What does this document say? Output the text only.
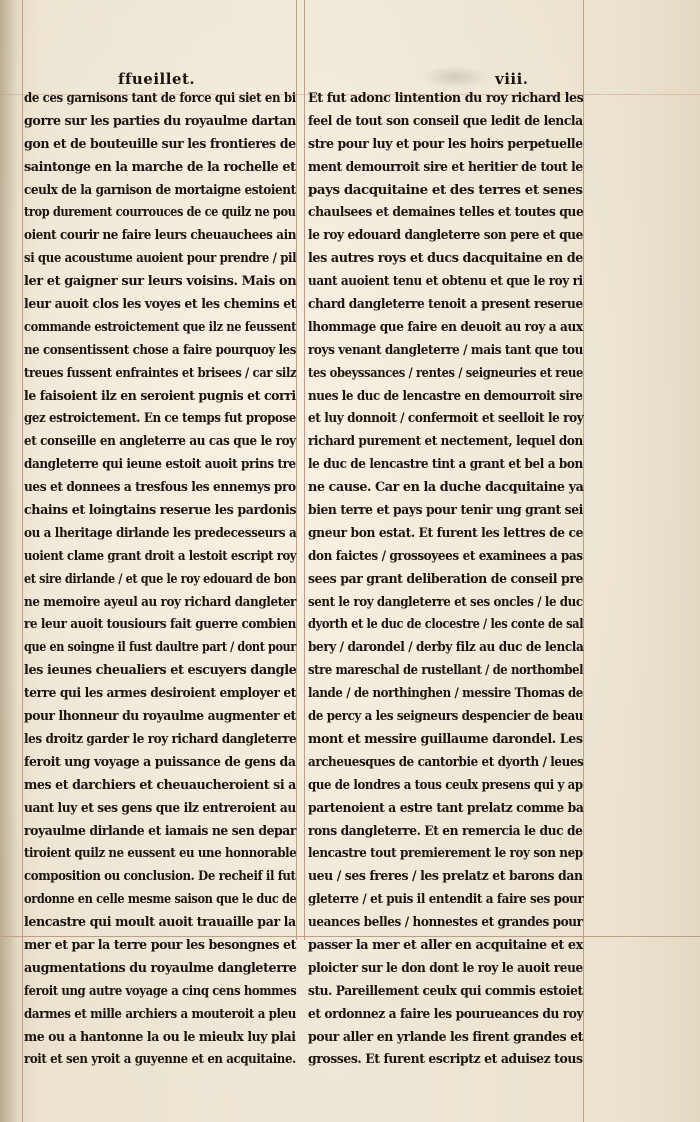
ffueillet.	viii.
de ces garnisons tant de force qui siet en bi
gorre sur les parties du royaulme dartan
gon et de bouteuille sur les frontieres de
saintonge en la marche de la rochelle et
ceulx de la garnison de mortaigne estoient
trop durement courrouces de ce quilz ne pou
oient courir ne faire leurs cheuauchees ain
si que acoustume auoient pour prendre / pil
ler et gaigner sur leurs voisins. Mais on
leur auoit clos les voyes et les chemins et
commande estroictement que ilz ne feussent
ne consentissent chose a faire pourquoy les
treues fussent enfraintes et brisees / car silz
le faisoient ilz en seroient pugnis et corri
gez estroictement. En ce temps fut propose
et conseille en angleterre au cas que le roy
dangleterre qui ieune estoit auoit prins tre
ues et donnees a tresfous les ennemys pro
chains et loingtains reserue les pardonis
ou a lheritage dirlande les predecesseurs a
uoient clame grant droit a lestoit escript roy
et sire dirlande / et que le roy edouard de bon
ne memoire ayeul au roy richard dangleter
re leur auoit tousiours fait guerre combien
que en soingne il fust daultre part / dont pour
les ieunes cheualiers et escuyers dangle
terre qui les armes desiroient employer et
pour lhonneur du royaulme augmenter et
les droitz garder le roy richard dangleterre
feroit ung voyage a puissance de gens da
mes et darchiers et cheuaucheroient si a
uant luy et ses gens que ilz entreroient au
royaulme dirlande et iamais ne sen depar
tiroient quilz ne eussent eu une honnorable
composition ou conclusion. De recheif il fut
ordonne en celle mesme saison que le duc de
lencastre qui moult auoit trauaille par la
mer et par la terre pour les besongnes et
augmentations du royaulme dangleterre
feroit ung autre voyage a cinq cens hommes
darmes et mille archiers a mouteroit a pleu
me ou a hantonne la ou le mieulx luy plai
roit et sen yroit a guyenne et en acquitaine.
Et fut adonc lintention du roy richard les
feel de tout son conseil que ledit de lencla
stre pour luy et pour les hoirs perpetuelle
ment demourroit sire et heritier de tout le
pays dacquitaine et des terres et senes
chaulsees et demaines telles et toutes que
le roy edouard dangleterre son pere et que
les autres roys et ducs dacquitaine en de
uant auoient tenu et obtenu et que le roy ri
chard dangleterre tenoit a present reserue
lhommage que faire en deuoit au roy a aux
roys venant dangleterre / mais tant que tou
tes obeyssances / rentes / seigneuries et reue
nues le duc de lencastre en demourroit sire
et luy donnoit / confermoit et seelloit le roy
richard purement et nectement, lequel don
le duc de lencastre tint a grant et bel a bon
ne cause. Car en la duche dacquitaine ya
bien terre et pays pour tenir ung grant sei
gneur bon estat. Et furent les lettres de ce
don faictes / grossoyees et examinees a pas
sees par grant deliberation de conseil pre
sent le roy dangleterre et ses oncles / le duc
dyorth et le duc de clocestre / les conte de sal
bery / darondel / derby filz au duc de lencla
stre mareschal de rustellant / de northombel
lande / de northinghen / messire Thomas de
de percy a les seigneurs despencier de beau
mont et messire guillaume darondel. Les
archeuesques de cantorbie et dyorth / leues
que de londres a tous ceulx presens qui y ap
partenoient a estre tant prelatz comme ba
rons dangleterre. Et en remercia le duc de
lencastre tout premierement le roy son nep
ueu / ses freres / les prelatz et barons dan
gleterre / et puis il entendit a faire ses pour
ueances belles / honnestes et grandes pour
passer la mer et aller en acquitaine et ex
ploicter sur le don dont le roy le auoit reue
stu. Pareillement ceulx qui commis estoiet
et ordonnez a faire les pourueances du roy
pour aller en yrlande les firent grandes et
grosses. Et furent escriptz et aduisez tous
